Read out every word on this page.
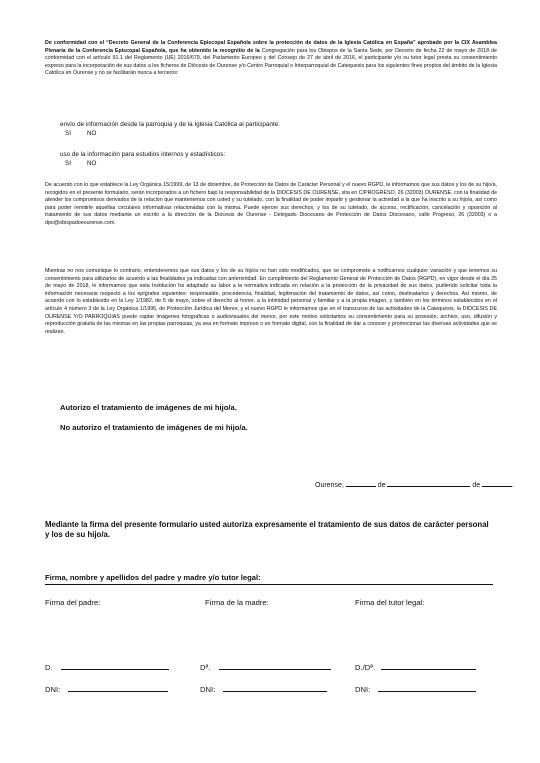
De conformidad con el “Decreto General de la Conferencia Episcopal Española sobre la protección de datos de la Iglesia Católica en España” aprobado por la CIX Asamblea Plenaria de la Conferencia Episcopal Española, que ha obtenido la recognitio de la Congregación para los Obispos de la Santa Sede, por Decreto de fecha 22 de mayo de 2018 de conformidad con el artículo 91.1 del Reglamento (UE) 2016/679, del Parlamento Europeo y del Consejo de 27 de abril de 2016, el participante y/o su tutor legal presta su consentimiento expreso para la incorporación de sus datos a los ficheros de Diócesis de Ourense y/o Centro Parroquial o Interparroquial de Catequesis para los siguientes fines propios del ámbito de la Iglesia Católica en Ourense y no se facilitarán nunca a terceros:

envío de información desde la parroquia y de la Iglesia Católica al participante:
SI	NO
uso de la información para estudios internos y estadísticos:
SI	NO

De acuerdo con lo que establece la Ley Orgánica 15/1999, de 13 de diciembre, de Protección de Datos de Carácter Personal y el nuevo RGPD, le informamos que sus datos y los de su hijo/a, recogidos en el presente formulario, serán incorporados a un fichero bajo la responsabilidad de la DIOCESIS DE OURENSE, sita en C/PROGRESO, 26 (32003) OURENSE, con la finalidad de atender los compromisos derivados de la relación que mantenemos con usted y su tutelado, con la finalidad de poder impartir y gestionar la actividad a la que ha inscrito a su hijo/a, así como para poder remitirle aquellas circulares informativas relacionadas con la misma. Puede ejercer sus derechos, y los de su tutelado, de acceso, rectificación, cancelación y oposición al tratamiento de sus datos mediante un escrito a la dirección de la Diócesis de Ourense - Delegado Diocesano de Protección de Datos Diocesano, calle Progreso, 26 (32003) o a dpo@obispadoeourense.com.

Mientras no nos comunique lo contrario, entenderemos que sus datos y los de su hijo/a no han sido modificados, que se compromete a notificarnos cualquier variación y que tenemos su consentimiento para utilizarlos de acuerdo a las finalidades ya indicadas con anterioridad. En cumplimiento del Reglamento General de Protección de Datos (RGPD), en vigor desde el día 25 de mayo de 2018, le informamos que esta Institución ha adaptado su labor a la normativa indicada en relación a la protección de la privacidad de sus datos, pudiendo solicitar toda la información necesaria respecto a los epígrafes siguientes: responsable, procedencia, finalidad, legitimación del tratamiento de datos, así como, destinatarios y derechos. Así mismo, de acuerdo con lo establecido en la Ley 1/1982, de 5 de mayo, sobre el derecho al honor, a la intimidad personal y familiar y a la propia imagen, y también en los términos establecidos en el artículo 4 número 3 de la Ley Orgánica 1/1996, de Protección Jurídica del Menor, y el nuevo RGPD le informamos que en el transcurso de las actividades de la Catequesis, la DIOCESIS DE OURENSE Y/O PARROQUIAS puede captar imágenes fotográficas o audiovisuales del menor, por este motivo solicitamos su consentimiento para su posesión, archivo, uso, difusión y reproducción gratuita de las mismas en las propias parroquias, ya sea en formato impreso o en formato digital, con la finalidad de dar a conocer y promocionar las diversas actividades que se realizan.

Autorizo el tratamiento de imágenes de mi hijo/a.
No autorizo el tratamiento de imágenes de mi hijo/a.
Ourense,	de	de	.
Mediante la firma del presente formulario usted autoriza expresamente el tratamiento de sus datos de carácter personal y los de su hijo/a.
Firma, nombre y apellidos del padre y madre y/o tutor legal:
Firma del padre:	Firma de la madre:	Firma del tutor legal:
D.	Dª.	D./Dª.
DNI:	DNI:	DNI:
